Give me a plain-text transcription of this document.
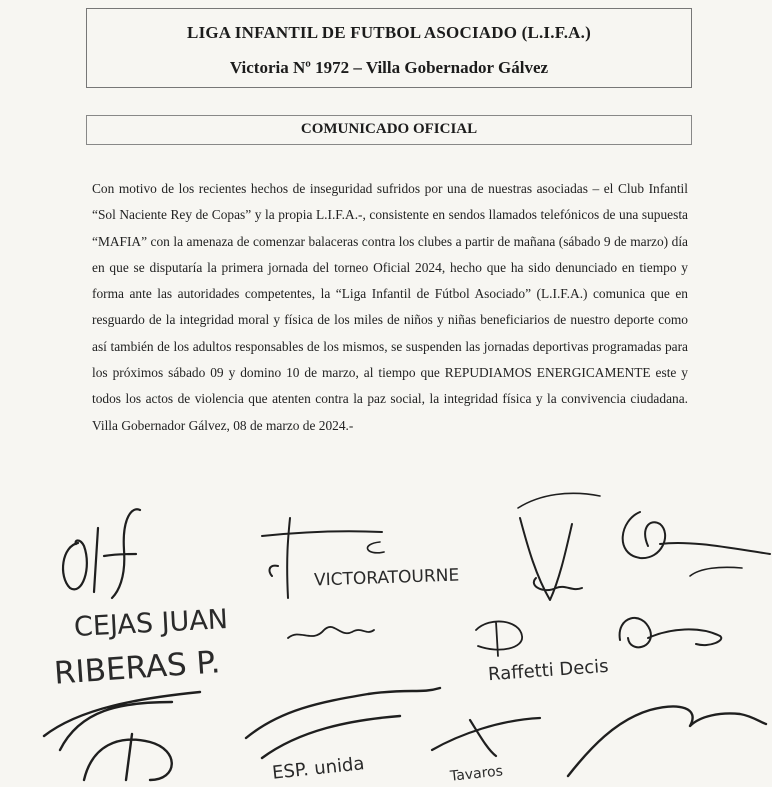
LIGA INFANTIL DE FUTBOL ASOCIADO (L.I.F.A.)
Victoria Nº 1972 – Villa Gobernador Gálvez
COMUNICADO OFICIAL
Con motivo de los recientes hechos de inseguridad sufridos por una de nuestras asociadas – el Club Infantil “Sol Naciente Rey de Copas” y la propia L.I.F.A.-, consistente en sendos llamados telefónicos de una supuesta “MAFIA” con la amenaza de comenzar balaceras contra los clubes a partir de mañana (sábado 9 de marzo) día en que se disputaría la primera jornada del torneo Oficial 2024, hecho que ha sido denunciado en tiempo y forma ante las autoridades competentes, la “Liga Infantil de Fútbol Asociado” (L.I.F.A.) comunica que en resguardo de la integridad moral y física de los miles de niños y niñas beneficiarios de nuestro deporte como así también de los adultos responsables de los mismos, se suspenden las jornadas deportivas programadas para los próximos sábado 09 y domino 10 de marzo, al tiempo que REPUDIAMOS ENERGICAMENTE este y todos los actos de violencia que atenten contra la paz social, la integridad física y la convivencia ciudadana. Villa Gobernador Gálvez, 08 de marzo de 2024.-
CEJAS JUAN
RIBERAS P.
VICTORATOURNE
Raffetti Decis
ESP. unida	Tavaros
